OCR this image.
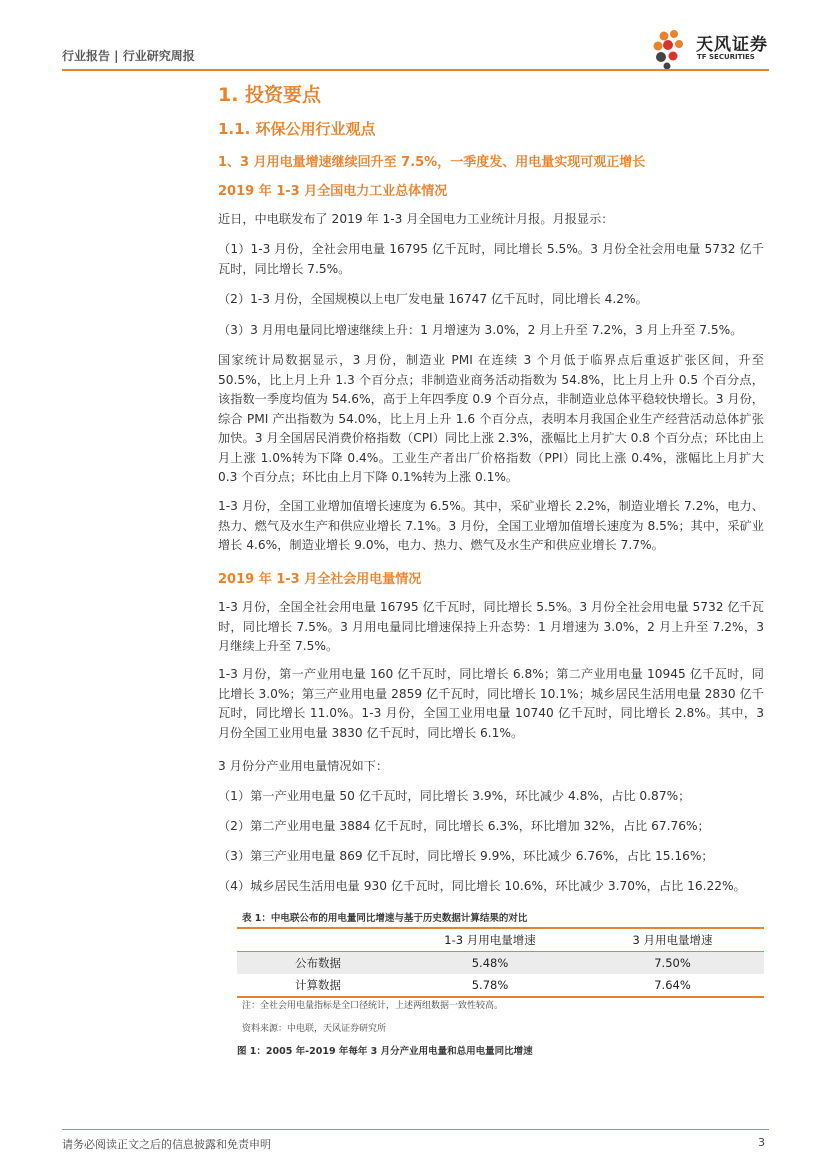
行业报告 | 行业研究周报
天风证券
TF SECURITIES
1. 投资要点
1.1. 环保公用行业观点
1、3 月用电量增速继续回升至 7.5%，一季度发、用电量实现可观正增长
2019 年 1-3 月全国电力工业总体情况
近日，中电联发布了 2019 年 1-3 月全国电力工业统计月报。月报显示：
（1）1-3 月份，全社会用电量 16795 亿千瓦时，同比增长 5.5%。3 月份全社会用电量 5732 亿千瓦时，同比增长 7.5%。
（2）1-3 月份，全国规模以上电厂发电量 16747 亿千瓦时，同比增长 4.2%。
（3）3 月用电量同比增速继续上升：1 月增速为 3.0%，2 月上升至 7.2%，3 月上升至 7.5%。
国家统计局数据显示，3 月份，制造业 PMI 在连续 3 个月低于临界点后重返扩张区间，升至 50.5%，比上月上升 1.3 个百分点；非制造业商务活动指数为 54.8%，比上月上升 0.5 个百分点，该指数一季度均值为 54.6%，高于上年四季度 0.9 个百分点，非制造业总体平稳较快增长。3 月份，综合 PMI 产出指数为 54.0%，比上月上升 1.6 个百分点，表明本月我国企业生产经营活动总体扩张加快。3 月全国居民消费价格指数（CPI）同比上涨 2.3%，涨幅比上月扩大 0.8 个百分点；环比由上月上涨 1.0%转为下降 0.4%。工业生产者出厂价格指数（PPI）同比上涨 0.4%，涨幅比上月扩大 0.3 个百分点；环比由上月下降 0.1%转为上涨 0.1%。
1-3 月份，全国工业增加值增长速度为 6.5%。其中，采矿业增长 2.2%，制造业增长 7.2%，电力、热力、燃气及水生产和供应业增长 7.1%。3 月份，全国工业增加值增长速度为 8.5%；其中，采矿业增长 4.6%，制造业增长 9.0%，电力、热力、燃气及水生产和供应业增长 7.7%。
2019 年 1-3 月全社会用电量情况
1-3 月份，全国全社会用电量 16795 亿千瓦时，同比增长 5.5%。3 月份全社会用电量 5732 亿千瓦时，同比增长 7.5%。3 月用电量同比增速保持上升态势：1 月增速为 3.0%，2 月上升至 7.2%，3 月继续上升至 7.5%。
1-3 月份，第一产业用电量 160 亿千瓦时，同比增长 6.8%；第二产业用电量 10945 亿千瓦时，同比增长 3.0%；第三产业用电量 2859 亿千瓦时，同比增长 10.1%；城乡居民生活用电量 2830 亿千瓦时，同比增长 11.0%。1-3 月份，全国工业用电量 10740 亿千瓦时，同比增长 2.8%。其中，3 月份全国工业用电量 3830 亿千瓦时，同比增长 6.1%。
3 月份分产业用电量情况如下：
（1）第一产业用电量 50 亿千瓦时，同比增长 3.9%，环比减少 4.8%，占比 0.87%；
（2）第二产业用电量 3884 亿千瓦时，同比增长 6.3%，环比增加 32%，占比 67.76%；
（3）第三产业用电量 869 亿千瓦时，同比增长 9.9%，环比减少 6.76%，占比 15.16%；
（4）城乡居民生活用电量 930 亿千瓦时，同比增长 10.6%，环比减少 3.70%，占比 16.22%。
表 1：中电联公布的用电量同比增速与基于历史数据计算结果的对比
	1-3 月用电量增速	3 月用电量增速
公布数据	5.48%	7.50%
计算数据	5.78%	7.64%
注：全社会用电量指标是全口径统计，上述两组数据一致性较高。
资料来源：中电联，天风证券研究所
图 1：2005 年-2019 年每年 3 月分产业用电量和总用电量同比增速
请务必阅读正文之后的信息披露和免责申明	3
